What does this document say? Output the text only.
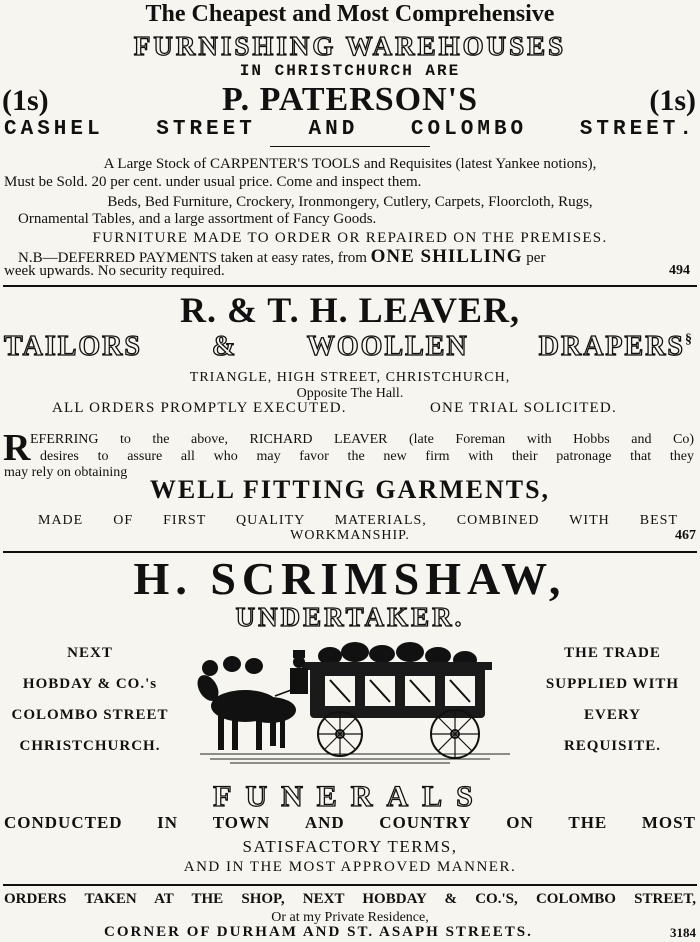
The Cheapest and Most Comprehensive
FURNISHING WAREHOUSES
IN CHRISTCHURCH ARE
(1s)	P. PATERSON'S	(1s)
CASHEL STREET AND COLOMBO STREET.
A Large Stock of CARPENTER'S TOOLS and Requisites (latest Yankee notions),
Must be Sold. 20 per cent. under usual price. Come and inspect them.
Beds, Bed Furniture, Crockery, Ironmongery, Cutlery, Carpets, Floorcloth, Rugs,
Ornamental Tables, and a large assortment of Fancy Goods.
FURNITURE MADE TO ORDER OR REPAIRED ON THE PREMISES.
N.B—DEFERRED PAYMENTS taken at easy rates, from ONE SHILLING per
week upwards. No security required.	494
R. & T. H. LEAVER,
TAILORS & WOOLLEN DRAPERS§
TRIANGLE, HIGH STREET, CHRISTCHURCH,
Opposite The Hall.
ALL ORDERS PROMPTLY EXECUTED.	ONE TRIAL SOLICITED.
R EFERRING to the above, RICHARD LEAVER (late Foreman with Hobbs and Co)
desires to assure all who may favor the new firm with their patronage that they
may rely on obtaining
WELL FITTING GARMENTS,
MADE OF FIRST QUALITY MATERIALS, COMBINED WITH BEST
WORKMANSHIP.	467
H. SCRIMSHAW,
UNDERTAKER.
NEXT
HOBDAY & CO.'s
COLOMBO STREET
CHRISTCHURCH.
THE TRADE
SUPPLIED WITH
EVERY
REQUISITE.
FUNERALS
CONDUCTED IN TOWN AND COUNTRY ON THE MOST
SATISFACTORY TERMS,
AND IN THE MOST APPROVED MANNER.
ORDERS TAKEN AT THE SHOP, NEXT HOBDAY & CO.'S, COLOMBO STREET,
Or at my Private Residence,
CORNER OF DURHAM AND ST. ASAPH STREETS.	3184
